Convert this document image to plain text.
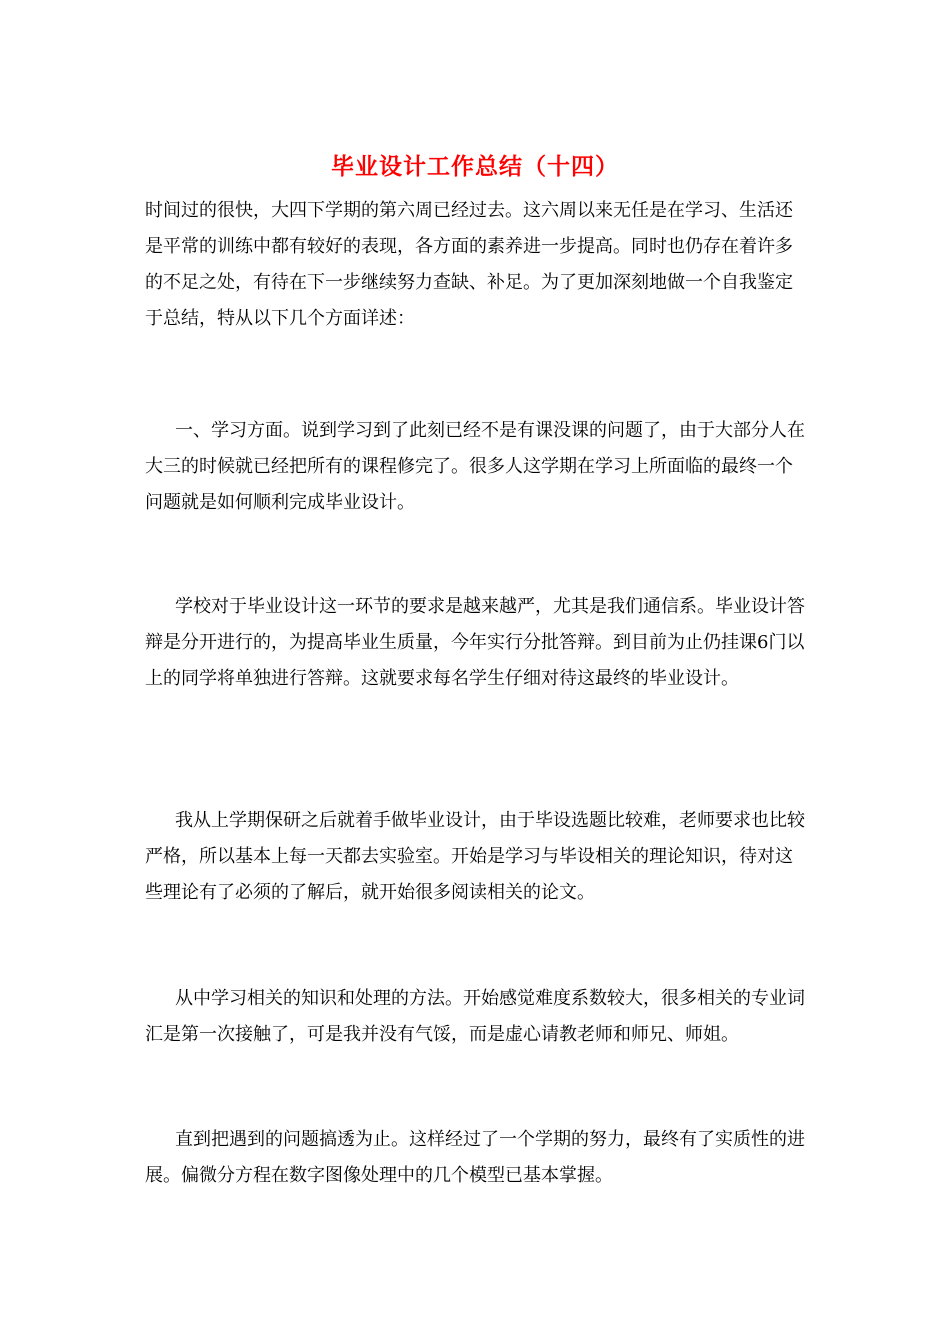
毕业设计工作总结（十四）

时间过的很快，大四下学期的第六周已经过去。这六周以来无任是在学习、生活还是平常的训练中都有较好的表现，各方面的素养进一步提高。同时也仍存在着许多的不足之处，有待在下一步继续努力查缺、补足。为了更加深刻地做一个自我鉴定于总结，特从以下几个方面详述：

一、学习方面。说到学习到了此刻已经不是有课没课的问题了，由于大部分人在大三的时候就已经把所有的课程修完了。很多人这学期在学习上所面临的最终一个问题就是如何顺利完成毕业设计。

学校对于毕业设计这一环节的要求是越来越严，尤其是我们通信系。毕业设计答辩是分开进行的，为提高毕业生质量，今年实行分批答辩。到目前为止仍挂课6门以上的同学将单独进行答辩。这就要求每名学生仔细对待这最终的毕业设计。

我从上学期保研之后就着手做毕业设计，由于毕设选题比较难，老师要求也比较严格，所以基本上每一天都去实验室。开始是学习与毕设相关的理论知识，待对这些理论有了必须的了解后，就开始很多阅读相关的论文。

从中学习相关的知识和处理的方法。开始感觉难度系数较大，很多相关的专业词汇是第一次接触了，可是我并没有气馁，而是虚心请教老师和师兄、师姐。

直到把遇到的问题搞透为止。这样经过了一个学期的努力，最终有了实质性的进展。偏微分方程在数字图像处理中的几个模型已基本掌握。
